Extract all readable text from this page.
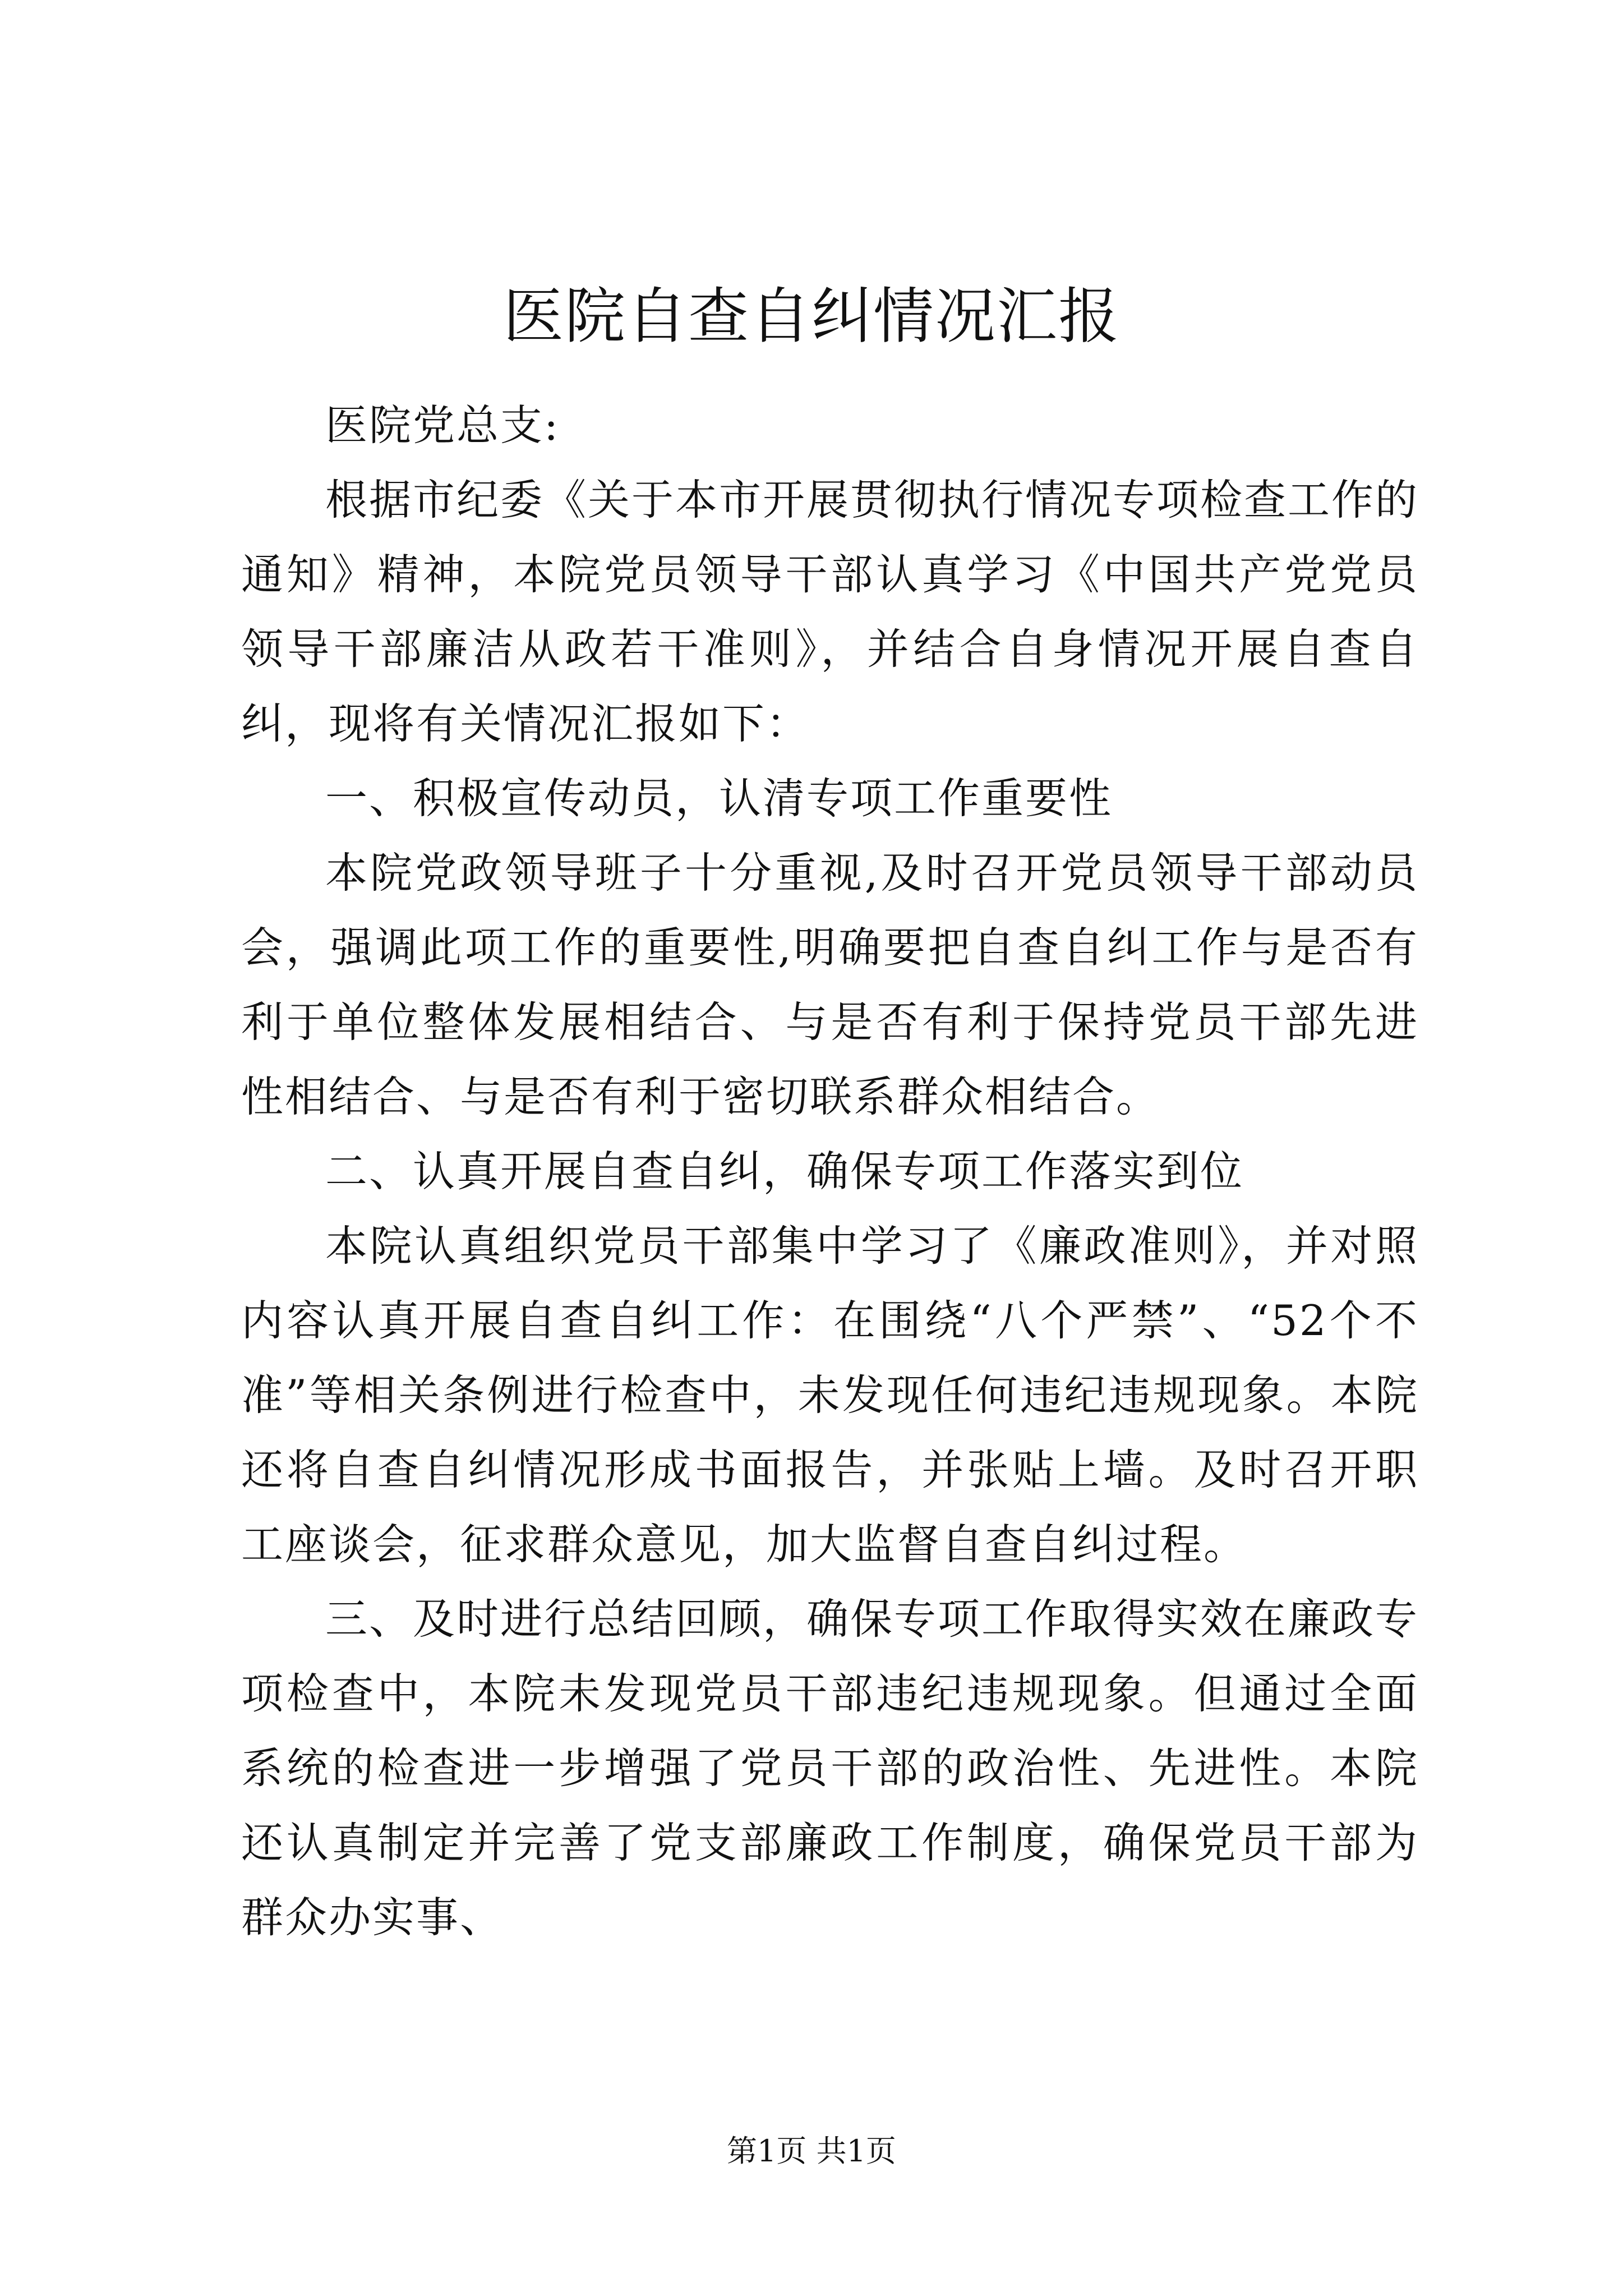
医院自查自纠情况汇报

医院党总支:

根据市纪委《关于本市开展贯彻执行情况专项检查工作的通知》精神，本院党员领导干部认真学习《中国共产党党员领导干部廉洁从政若干准则》，并结合自身情况开展自查自纠，现将有关情况汇报如下：

一、积极宣传动员，认清专项工作重要性

本院党政领导班子十分重视,及时召开党员领导干部动员会，强调此项工作的重要性,明确要把自查自纠工作与是否有利于单位整体发展相结合、与是否有利于保持党员干部先进性相结合、与是否有利于密切联系群众相结合。

二、认真开展自查自纠，确保专项工作落实到位

本院认真组织党员干部集中学习了《廉政准则》，并对照内容认真开展自查自纠工作：在围绕“八个严禁”、“52个不准”等相关条例进行检查中，未发现任何违纪违规现象。本院还将自查自纠情况形成书面报告，并张贴上墙。及时召开职工座谈会，征求群众意见，加大监督自查自纠过程。

三、及时进行总结回顾，确保专项工作取得实效在廉政专项检查中，本院未发现党员干部违纪违规现象。但通过全面系统的检查进一步增强了党员干部的政治性、先进性。本院还认真制定并完善了党支部廉政工作制度，确保党员干部为群众办实事、

第1页 共1页
